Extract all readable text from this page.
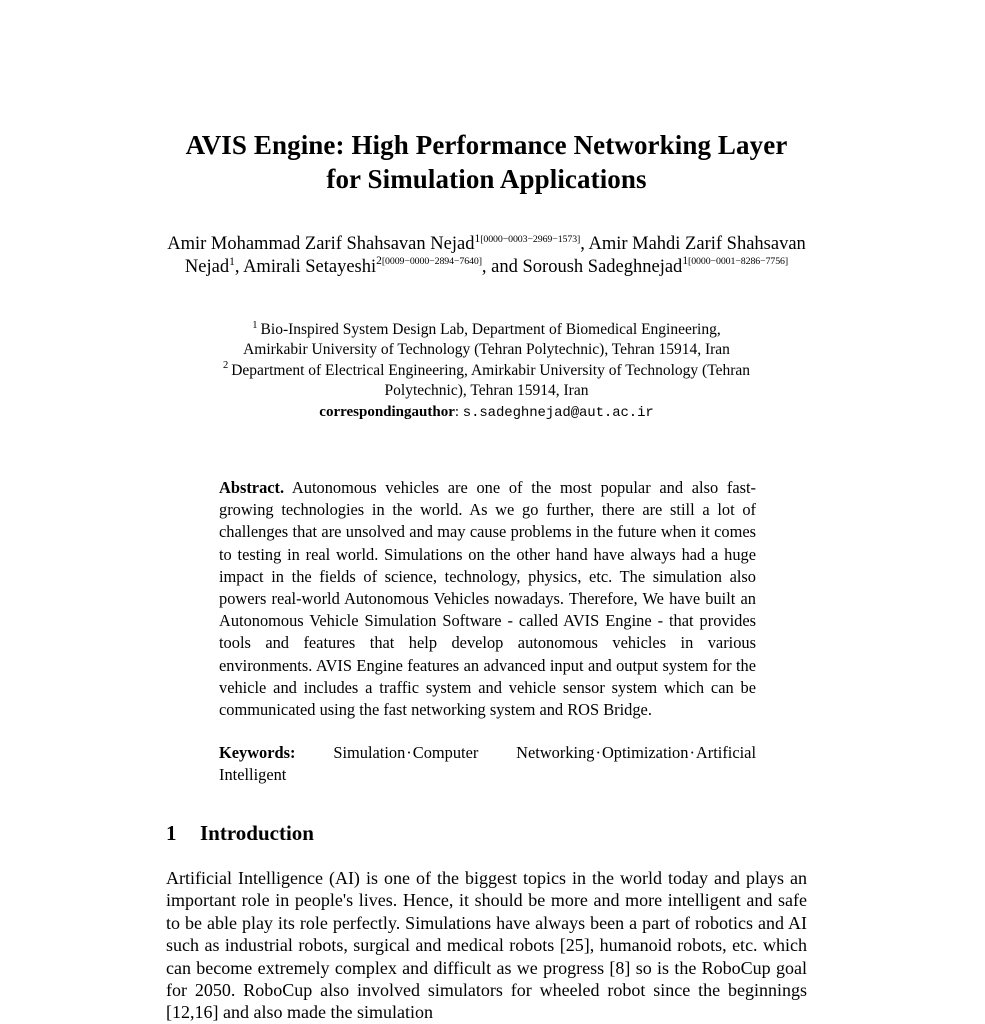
AVIS Engine: High Performance Networking Layer for Simulation Applications
Amir Mohammad Zarif Shahsavan Nejad$^{1[0000-0003-2969-1573]}$, Amir Mahdi Zarif Shahsavan Nejad$^1$, Amirali Setayeshi$^{2[0009-0000-2894-7640]}$, and Soroush Sadeghnejad$^{1[0000-0001-8286-7756]}$

$^1$ Bio-Inspired System Design Lab, Department of Biomedical Engineering,

Amirkabir University of Technology (Tehran Polytechnic), Tehran 15914, Iran

$^2$ Department of Electrical Engineering, Amirkabir University of Technology (Tehran

Polytechnic), Tehran 15914, Iran

correspondingauthor: s.sadeghnejad@aut.ac.ir

Abstract. Autonomous vehicles are one of the most popular and also fast-growing technologies in the world. As we go further, there are still a lot of challenges that are unsolved and may cause problems in the future when it comes to testing in real world. Simulations on the other hand have always had a huge impact in the fields of science, technology, physics, etc. The simulation also powers real-world Autonomous Vehicles nowadays. Therefore, We have built an Autonomous Vehicle Simulation Software - called AVIS Engine - that provides tools and features that help develop autonomous vehicles in various environments. AVIS Engine features an advanced input and output system for the vehicle and includes a traffic system and vehicle sensor system which can be communicated using the fast networking system and ROS Bridge.

Keywords: Simulation·Computer Networking·Optimization·Artificial Intelligent

1 Introduction

Artificial Intelligence (AI) is one of the biggest topics in the world today and plays an important role in people's lives. Hence, it should be more and more intelligent and safe to be able play its role perfectly. Simulations have always been a part of robotics and AI such as industrial robots, surgical and medical robots [25], humanoid robots, etc. which can become extremely complex and difficult as we progress [8] so is the RoboCup goal for 2050. RoboCup also involved simulators for wheeled robot since the beginnings [12,16] and also made the simulation
